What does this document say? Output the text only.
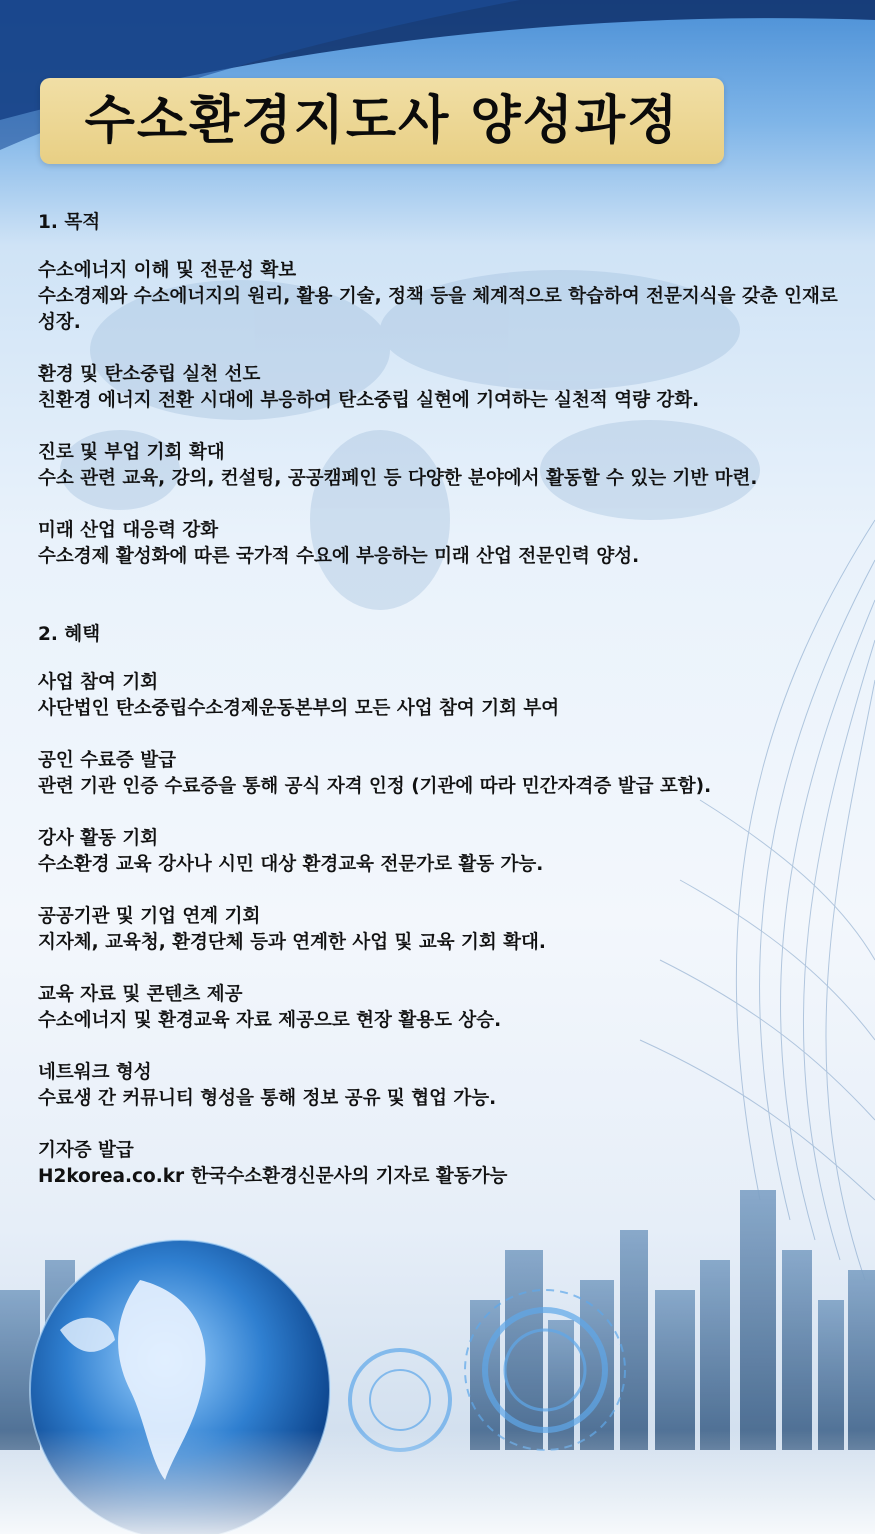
수소환경지도사 양성과정
1. 목적
수소에너지 이해 및 전문성 확보
수소경제와 수소에너지의 원리, 활용 기술, 정책 등을 체계적으로 학습하여 전문지식을 갖춘 인재로 성장.
환경 및 탄소중립 실천 선도
친환경 에너지 전환 시대에 부응하여 탄소중립 실현에 기여하는 실천적 역량 강화.
진로 및 부업 기회 확대
수소 관련 교육, 강의, 컨설팅, 공공캠페인 등 다양한 분야에서 활동할 수 있는 기반 마련.
미래 산업 대응력 강화
수소경제 활성화에 따른 국가적 수요에 부응하는 미래 산업 전문인력 양성.
2. 혜택
사업 참여 기회
사단법인 탄소중립수소경제운동본부의 모든 사업 참여 기회 부여
공인 수료증 발급
관련 기관 인증 수료증을 통해 공식 자격 인정 (기관에 따라 민간자격증 발급 포함).
강사 활동 기회
수소환경 교육 강사나 시민 대상 환경교육 전문가로 활동 가능.
공공기관 및 기업 연계 기회
지자체, 교육청, 환경단체 등과 연계한 사업 및 교육 기회 확대.
교육 자료 및 콘텐츠 제공
수소에너지 및 환경교육 자료 제공으로 현장 활용도 상승.
네트워크 형성
수료생 간 커뮤니티 형성을 통해 정보 공유 및 협업 가능.
기자증 발급
H2korea.co.kr 한국수소환경신문사의 기자로 활동가능
